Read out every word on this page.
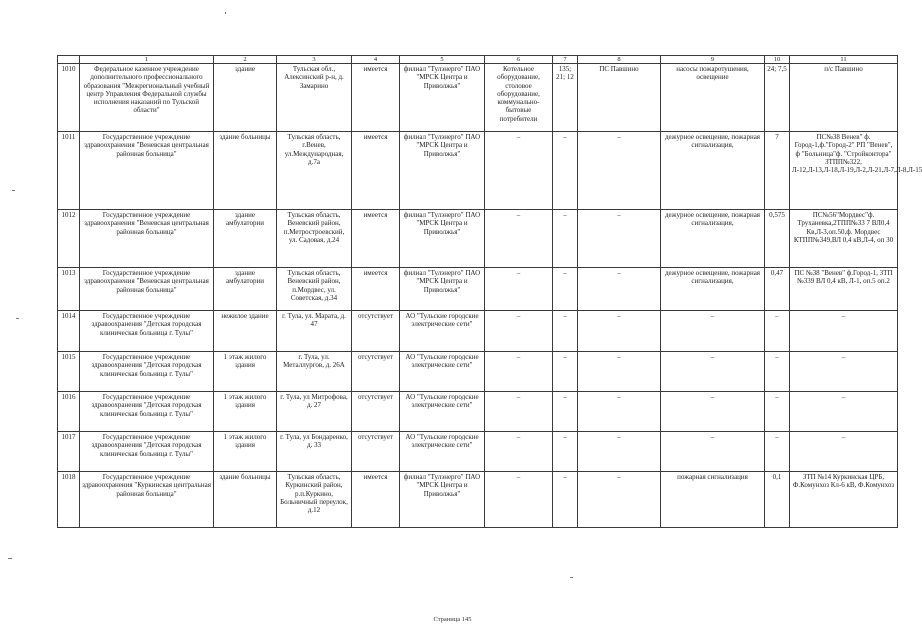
	1	2	3	4	5	6	7	8	9	10	11
1010	Федеральное казенное учреждение дополнительного профессионального образования "Межрегиональный учебный центр Управления Федеральной службы исполнения наказаний по Тульской области"	здание	Тульская обл., Алексинский р-н, д. Замарино	имеется	филиал "Тулэнерго" ПАО "МРСК Центра и Приволжья"	Котельное оборудование, столовое оборудование, коммунально-бытовые потребители	135; 21; 12	ПС Павшино	насосы пожаротушения, освещение	24; 7,5	п/с Павшино
1011	Государственное учреждение здравоохранения "Веневская центральная районная больница"	здание больницы	Тульская область, г.Венев, ул.Международная, д.7а	имеется	филиал "Тулэнерго" ПАО "МРСК Центра и Приволжья"	–	–	–	дежурное освещение, пожарная сигнализация,	7	ПС№38 Венев" ф. Город-1,ф."Город-2" РП "Венев", ф "Больница"ф. "Стройконтора" ЗТПП№322, Л-12,Л-13,Л-18,Л-19,Л-2,Л-21,Л-7,Л-8,Л-15
1012	Государственное учреждение здравоохранения "Веневская центральная районная больница"	здание амбулатории	Тульская область, Веневский район, п.Метростроевский, ул. Садовая, д.24	имеется	филиал "Тулэнерго" ПАО "МРСК Центра и Приволжья"	–	–	–	дежурное освещение, пожарная сигнализация,	0,575	ПС№56"Мордвес"ф. Труханевка,2ТПП№33 7 ВЛ0,4 Кв,Л-3,оп.50,ф. Мордвес КТПП№349,ВЛ 0,4 кВ,Л-4, оп 30
1013	Государственное учреждение здравоохранения "Веневская центральная районная больница"	здание амбулатории	Тульская область, Веневский район, п.Мордвес, ул. Советская, д.34	имеется	филиал "Тулэнерго" ПАО "МРСК Центра и Приволжья"	–	–	–	дежурное освещение, пожарная сигнализация,	0,47	ПС №38 "Венев" ф.Город-1, ЗТП №339 ВЛ 0,4 кВ, Л-1, оп.5 оп.2
1014	Государственное учреждение здравоохранения "Детская городская клиническая больница г. Тулы"	нежилое здание	г. Тула, ул. Марата, д. 47	отсутствует	АО "Тульские городские электрические сети"	–	–	–	–	–	–
1015	Государственное учреждение здравоохранения "Детская городская клиническая больница г. Тулы"	1 этаж жилого здания	г. Тула, ул. Металлургов, д. 26А	отсутствует	АО "Тульские городские электрические сети"	–	–	–	–	–	–
1016	Государственное учреждение здравоохранения "Детская городская клиническая больница г. Тулы"	1 этаж жилого здания	г. Тула, ул Митрофова, д. 27	отсутствует	АО "Тульские городские электрические сети"	–	–	–	–	–	–
1017	Государственное учреждение здравоохранения "Детская городская клиническая больница г. Тулы"	1 этаж жилого здания	г. Тула, ул Бондаренко, д. 33	отсутствует	АО "Тульские городские электрические сети"	–	–	–	–	–	–
1018	Государственное учреждение здравоохранения "Куркинская центральная районная больница"	здание больницы	Тульская область, Куркинский район, р.п.Куркино, Больничный переулок, д.12	имеется	филиал "Тулэнерго" ПАО "МРСК Центра и Приволжья"	–	–	–	пожарная сигнализация	0,1	ЗТП №14 Куркинская ЦРБ, Ф.Комунхоз Кл-6 кВ, Ф.Комунхоз
Страница 145
